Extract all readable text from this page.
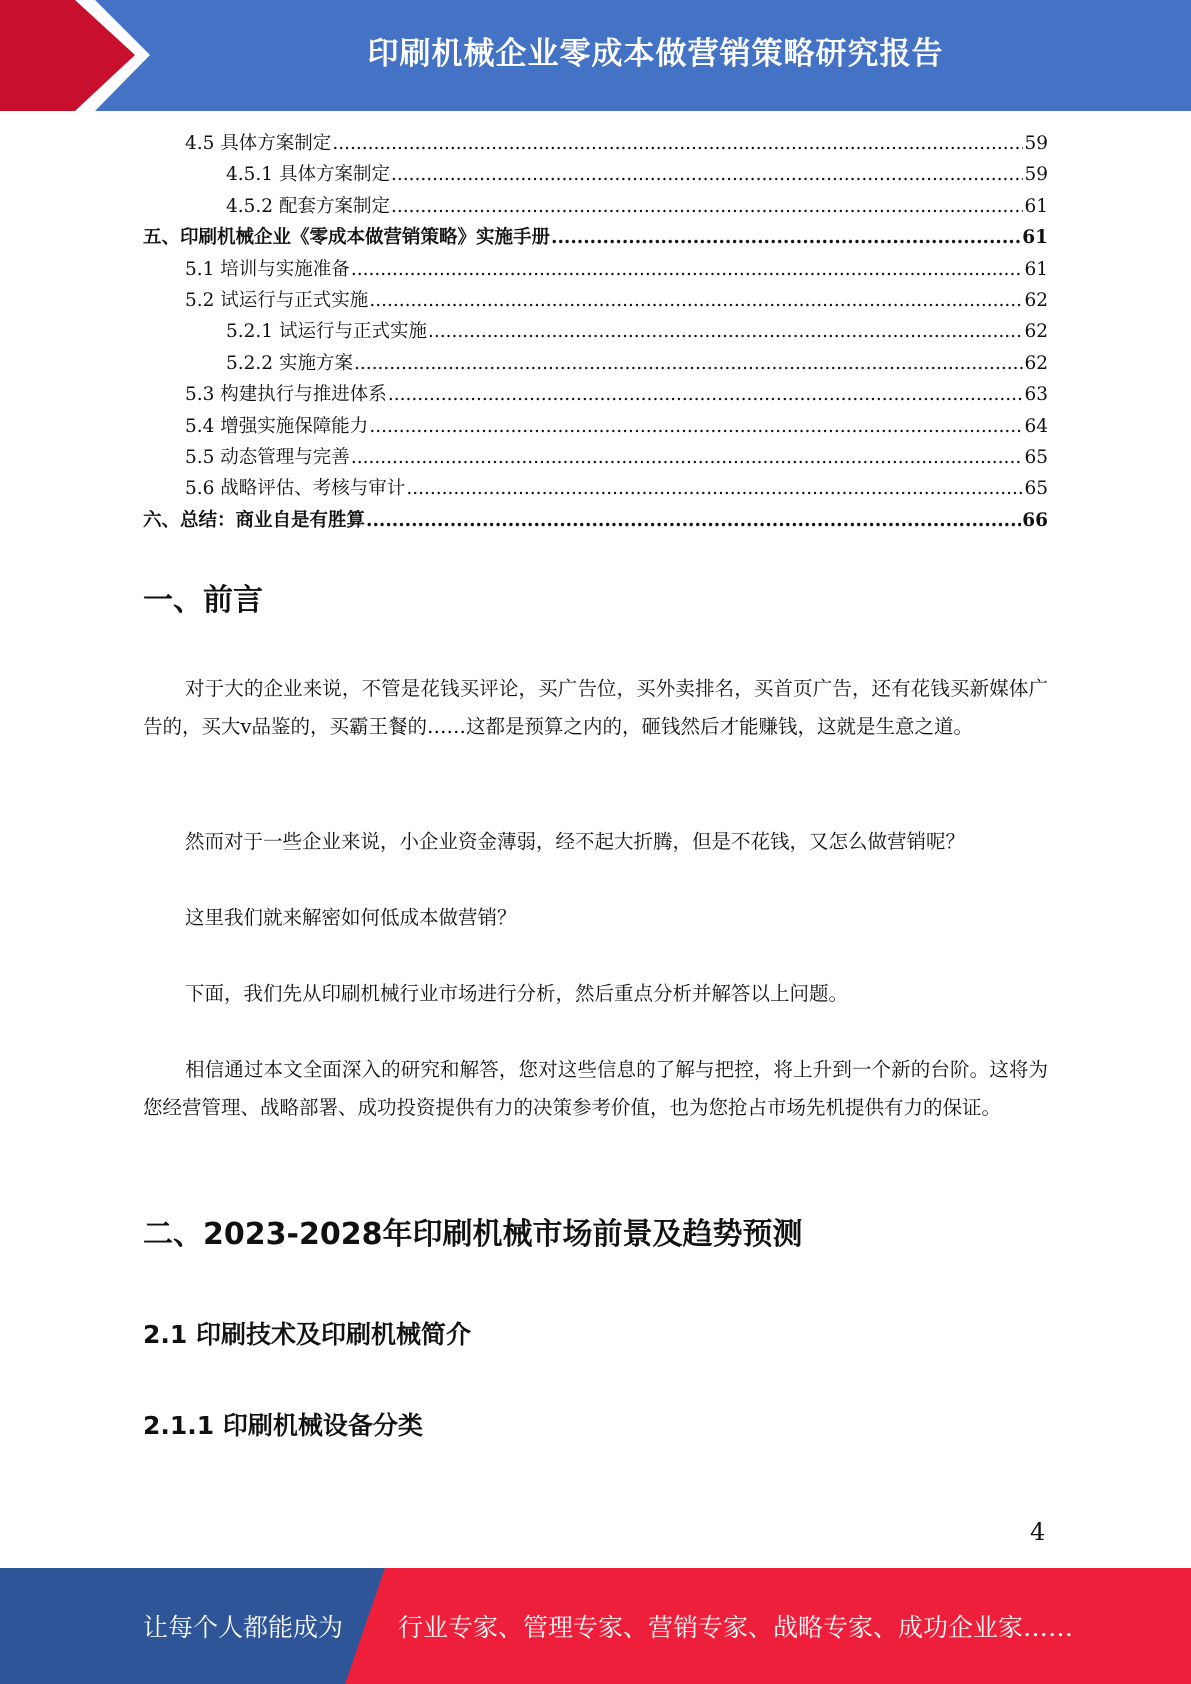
印刷机械企业零成本做营销策略研究报告
4.5 具体方案制定 .....	59
4.5.1 具体方案制定 .....	59
4.5.2 配套方案制定 .....	61
五、印刷机械企业《零成本做营销策略》实施手册 .....	61
5.1 培训与实施准备 .....	61
5.2 试运行与正式实施 .....	62
5.2.1 试运行与正式实施 .....	62
5.2.2 实施方案 .....	62
5.3 构建执行与推进体系 .....	63
5.4 增强实施保障能力 .....	64
5.5 动态管理与完善 .....	65
5.6 战略评估、考核与审计 .....	65
六、总结：商业自是有胜算 .....	66
一、前言

对于大的企业来说，不管是花钱买评论，买广告位，买外卖排名，买首页广告，还有花钱买新媒体广告的，买大v品鉴的，买霸王餐的……这都是预算之内的，砸钱然后才能赚钱，这就是生意之道。

然而对于一些企业来说，小企业资金薄弱，经不起大折腾，但是不花钱，又怎么做营销呢？

这里我们就来解密如何低成本做营销？

下面，我们先从印刷机械行业市场进行分析，然后重点分析并解答以上问题。

相信通过本文全面深入的研究和解答，您对这些信息的了解与把控，将上升到一个新的台阶。这将为您经营管理、战略部署、成功投资提供有力的决策参考价值，也为您抢占市场先机提供有力的保证。

二、2023-2028年印刷机械市场前景及趋势预测
2.1 印刷技术及印刷机械简介
2.1.1 印刷机械设备分类
4
让每个人都能成为 行业专家、管理专家、营销专家、战略专家、成功企业家……
